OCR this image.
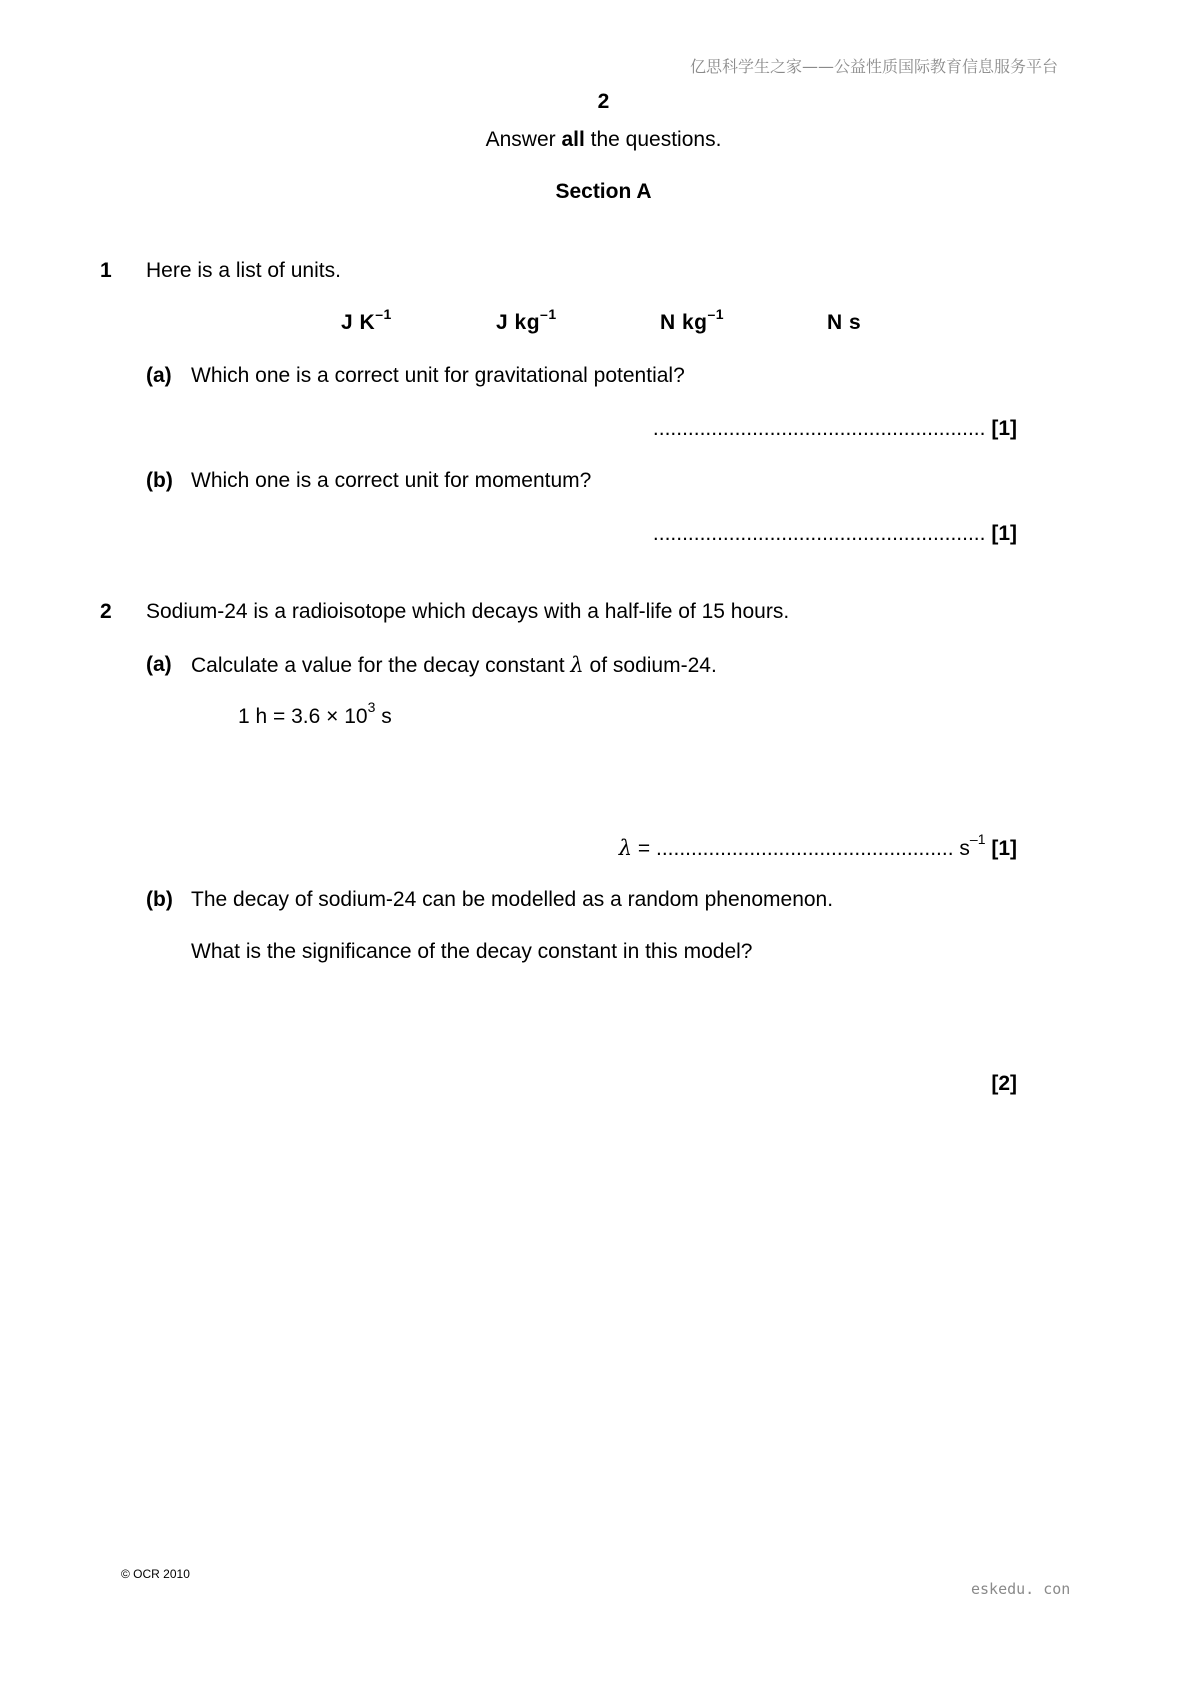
亿思科学生之家——公益性质国际教育信息服务平台
2
Answer all the questions.
Section A
1 Here is a list of units.
J $K^{-1}$	J $kg^{-1}$	N $kg^{-1}$	N s
(a) Which one is a correct unit for gravitational potential?
......................................................... [1]
(b) Which one is a correct unit for momentum?
......................................................... [1]
2 Sodium-24 is a radioisotope which decays with a half-life of 15 hours.
(a) Calculate a value for the decay constant λ of sodium-24.
1 $h = 3.6 \times 10^3$ s
λ = ................................................... $s^{-1}$ [1]
(b) The decay of sodium-24 can be modelled as a random phenomenon.
What is the significance of the decay constant in this model?
[2]
© OCR 2010
eskedu. con
